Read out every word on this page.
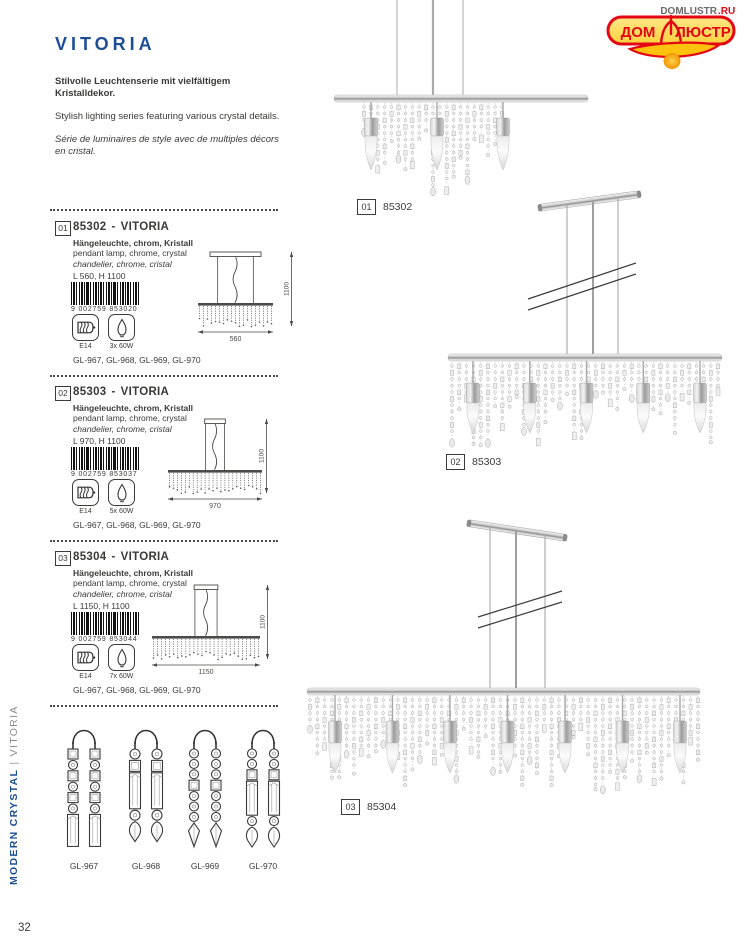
DOMLUSTR .RU
ДОМ ЛЮСТР
VITORIA

Stilvolle Leuchtenserie mit vielfältigem Kristalldekor.

Stylish lighting series featuring various crystal details.

Série de luminaires de style avec de multiples décors en cristal.

01 85302 - VITORIA

Hängeleuchte, chrom, Kristall

pendant lamp, chrome, crystal

chandelier, chrome, cristal

L 560, H 1100
9 002759 853020
E14	3x 60W
GL-967, GL-968, GL-969, GL-970
1100
560
02 85303 - VITORIA

Hängeleuchte, chrom, Kristall

pendant lamp, chrome, crystal

chandelier, chrome, cristal

L 970, H 1100
9 002759 853037
E14	5x 60W
GL-967, GL-968, GL-969, GL-970
1100
970
03 85304 - VITORIA

Hängeleuchte, chrom, Kristall

pendant lamp, chrome, crystal

chandelier, chrome, cristal

L 1150, H 1100
9 002759 853044
E14	7x 60W
GL-967, GL-968, GL-969, GL-970
1100
1150
01	85302
02	85303
03	85304
GL-967	GL-968	GL-969	GL-970
MODERN CRYSTAL | VITORIA
32
